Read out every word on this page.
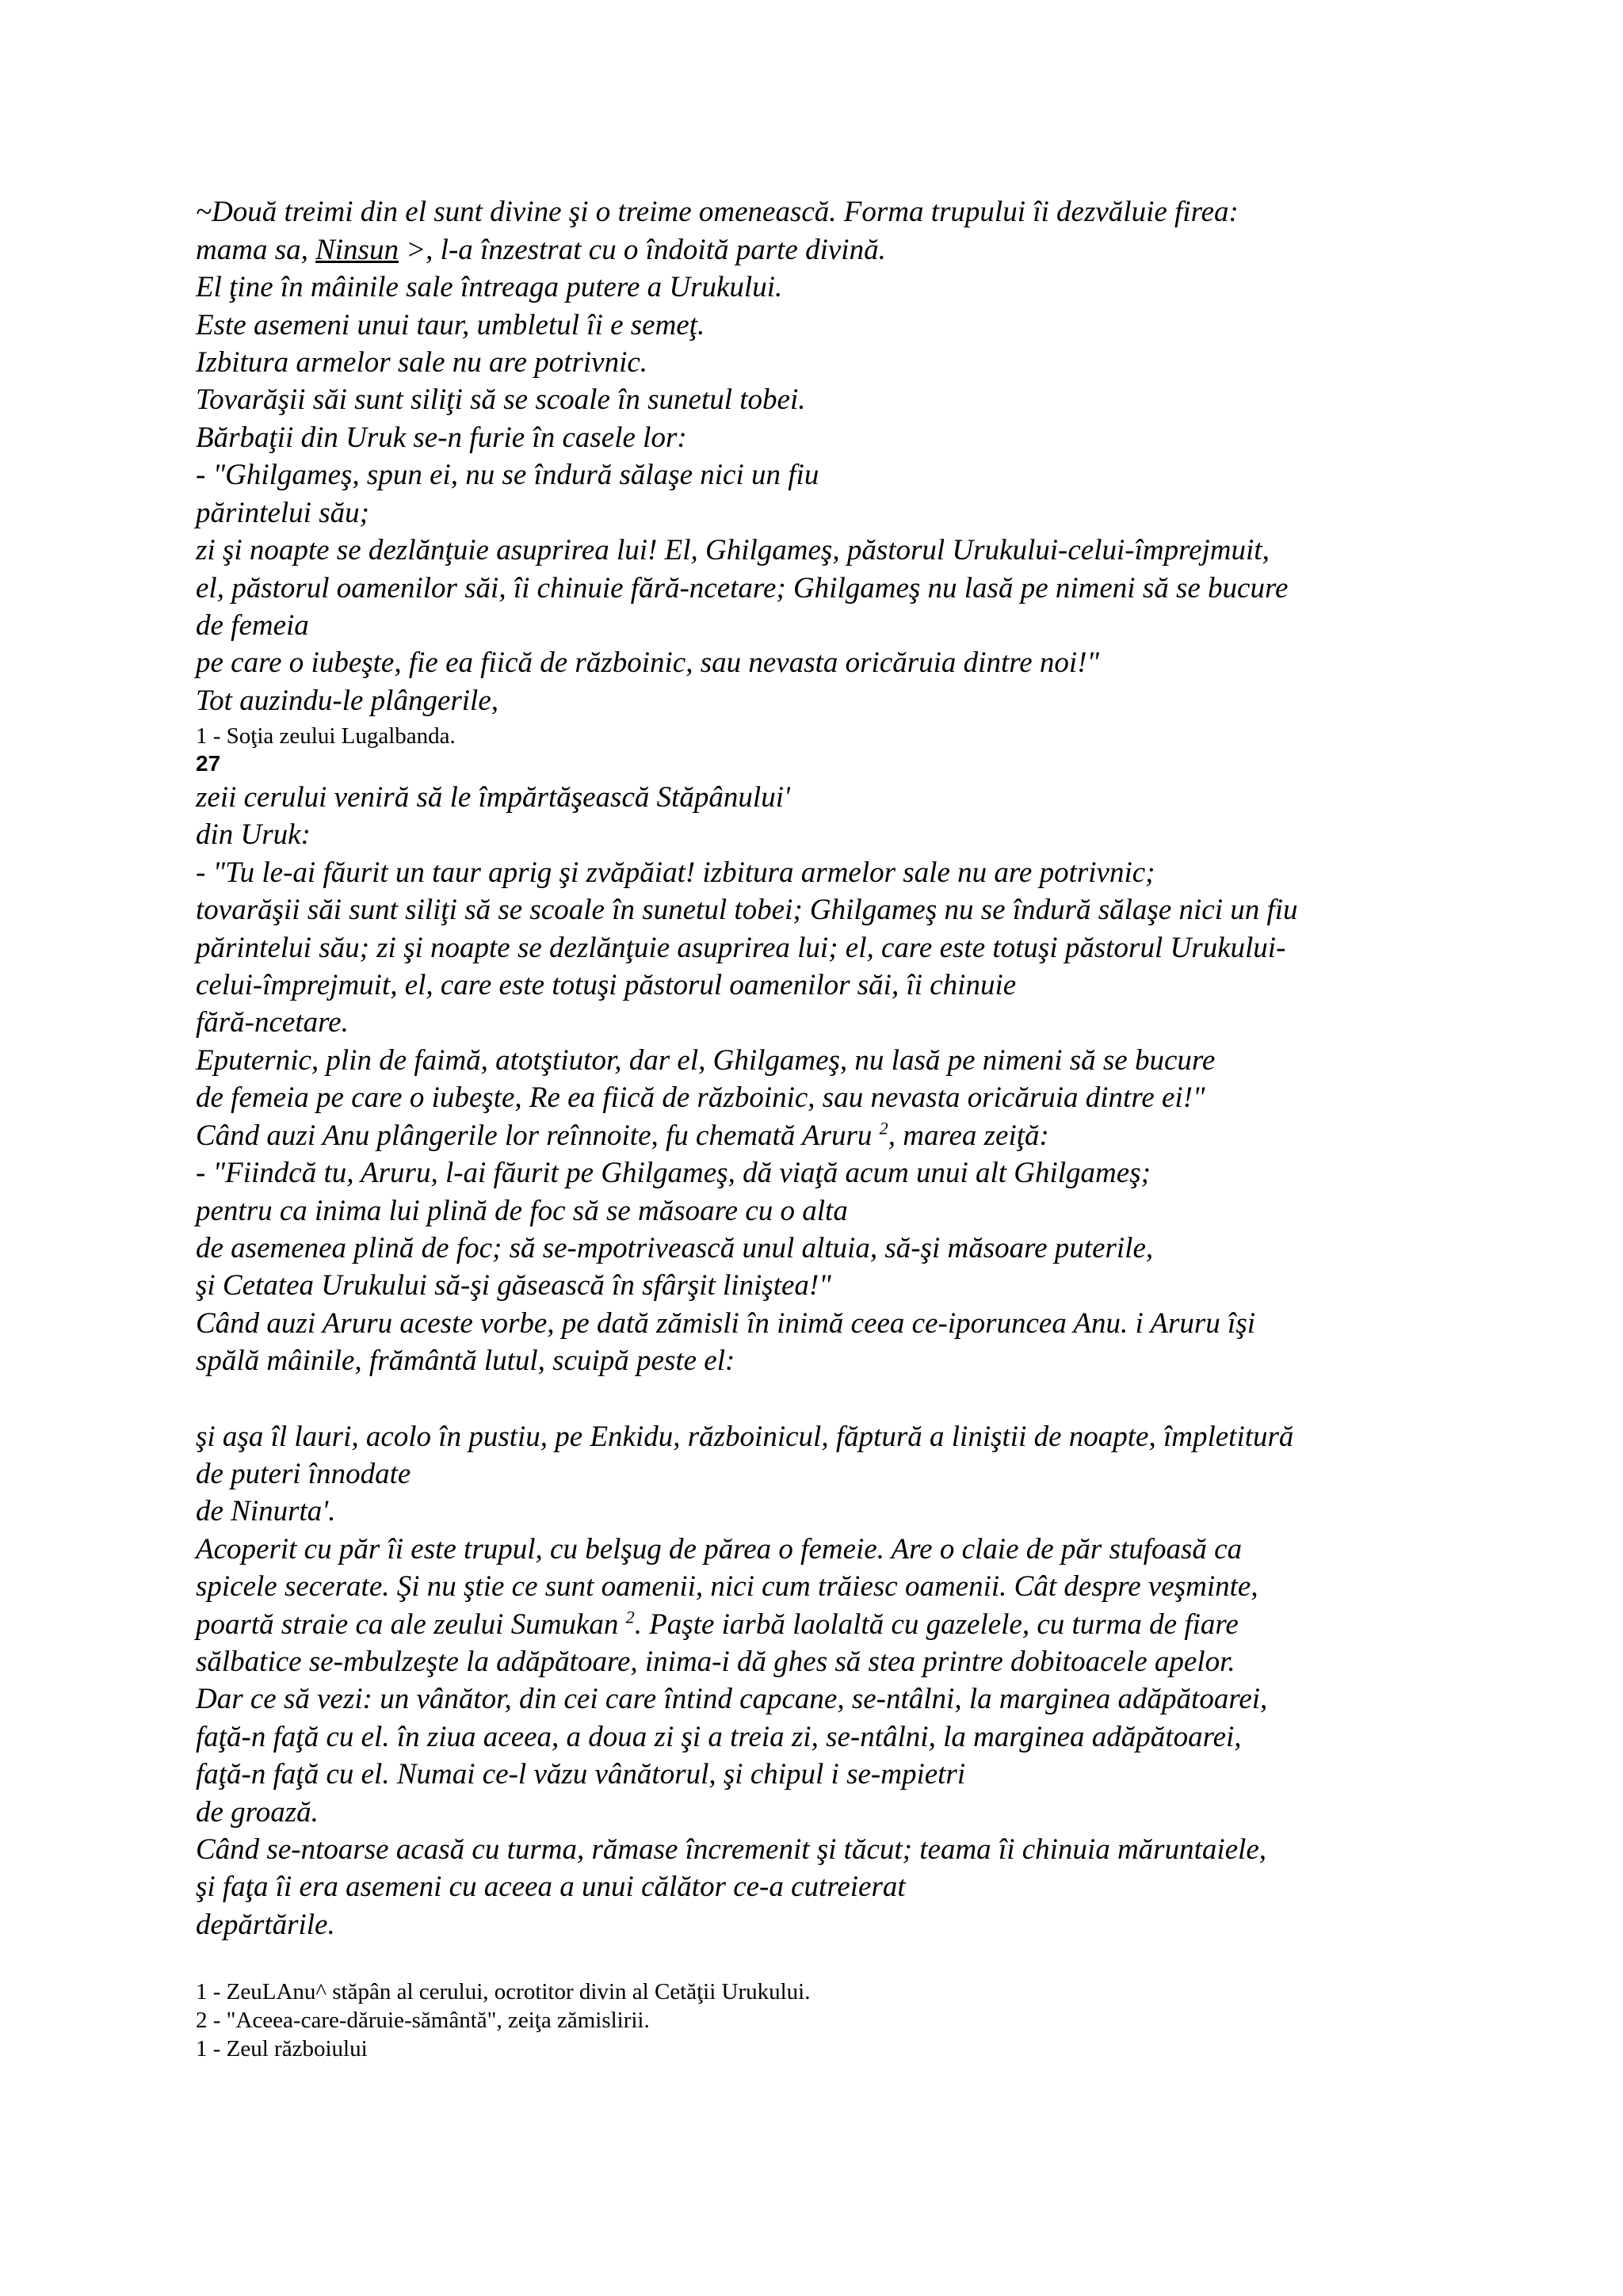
~Două treimi din el sunt divine şi o treime omenească. Forma trupului îi dezvăluie firea:

mama sa, Ninsun >, l-a înzestrat cu o îndoită parte divină.

El ţine în mâinile sale întreaga putere a Urukului.

Este asemeni unui taur, umbletul îi e semeţ.

Izbitura armelor sale nu are potrivnic.

Tovarăşii săi sunt siliţi să se scoale în sunetul tobei.

Bărbaţii din Uruk se-n furie în casele lor:

- "Ghilgameş, spun ei, nu se îndură sălaşe nici un fiu

părintelui său;

zi şi noapte se dezlănţuie asuprirea lui! El, Ghilgameş, păstorul Urukului-celui-împrejmuit,

el, păstorul oamenilor săi, îi chinuie fără-ncetare; Ghilgameş nu lasă pe nimeni să se bucure

de femeia

pe care o iubeşte, fie ea fiică de războinic, sau nevasta oricăruia dintre noi!"

Tot auzindu-le plângerile,

1 - Soţia zeului Lugalbanda.

27

zeii cerului veniră să le împărtăşească Stăpânului'

din Uruk:

- "Tu le-ai făurit un taur aprig şi zvăpăiat! izbitura armelor sale nu are potrivnic;

tovarăşii săi sunt siliţi să se scoale în sunetul tobei; Ghilgameş nu se îndură sălaşe nici un fiu

părintelui său; zi şi noapte se dezlănţuie asuprirea lui; el, care este totuşi păstorul Urukului-

celui-împrejmuit, el, care este totuşi păstorul oamenilor săi, îi chinuie

fără-ncetare.

Eputernic, plin de faimă, atotştiutor, dar el, Ghilgameş, nu lasă pe nimeni să se bucure

de femeia pe care o iubeşte, Re ea fiică de războinic, sau nevasta oricăruia dintre ei!"

Când auzi Anu plângerile lor reînnoite, fu chemată Aruru $^2$, marea zeiţă:

- "Fiindcă tu, Aruru, l-ai făurit pe Ghilgameş, dă viaţă acum unui alt Ghilgameş;

pentru ca inima lui plină de foc să se măsoare cu o alta

de asemenea plină de foc; să se-mpotrivească unul altuia, să-şi măsoare puterile,

şi Cetatea Urukului să-şi găsească în sfârşit liniştea!"

Când auzi Aruru aceste vorbe, pe dată zămisli în inimă ceea ce-iporuncea Anu. i Aruru îşi

spălă mâinile, frământă lutul, scuipă peste el:

şi aşa îl lauri, acolo în pustiu, pe Enkidu, războinicul, făptură a liniştii de noapte, împletitură

de puteri înnodate

de Ninurta'.

Acoperit cu păr îi este trupul, cu belşug de părea o femeie. Are o claie de păr stufoasă ca

spicele secerate. Şi nu ştie ce sunt oamenii, nici cum trăiesc oamenii. Cât despre veşminte,

poartă straie ca ale zeului Sumukan $^2$. Paşte iarbă laolaltă cu gazelele, cu turma de fiare

sălbatice se-mbulzeşte la adăpătoare, inima-i dă ghes să stea printre dobitoacele apelor.

Dar ce să vezi: un vânător, din cei care întind capcane, se-ntâlni, la marginea adăpătoarei,

faţă-n faţă cu el. în ziua aceea, a doua zi şi a treia zi, se-ntâlni, la marginea adăpătoarei,

faţă-n faţă cu el. Numai ce-l văzu vânătorul, şi chipul i se-mpietri

de groază.

Când se-ntoarse acasă cu turma, rămase încremenit şi tăcut; teama îi chinuia măruntaiele,

şi faţa îi era asemeni cu aceea a unui călător ce-a cutreierat

depărtările.

1 - ZeuLAnu^ stăpân al cerului, ocrotitor divin al Cetăţii Urukului.

2 - "Aceea-care-dăruie-sământă", zeiţa zămislirii.

1 - Zeul războiului
